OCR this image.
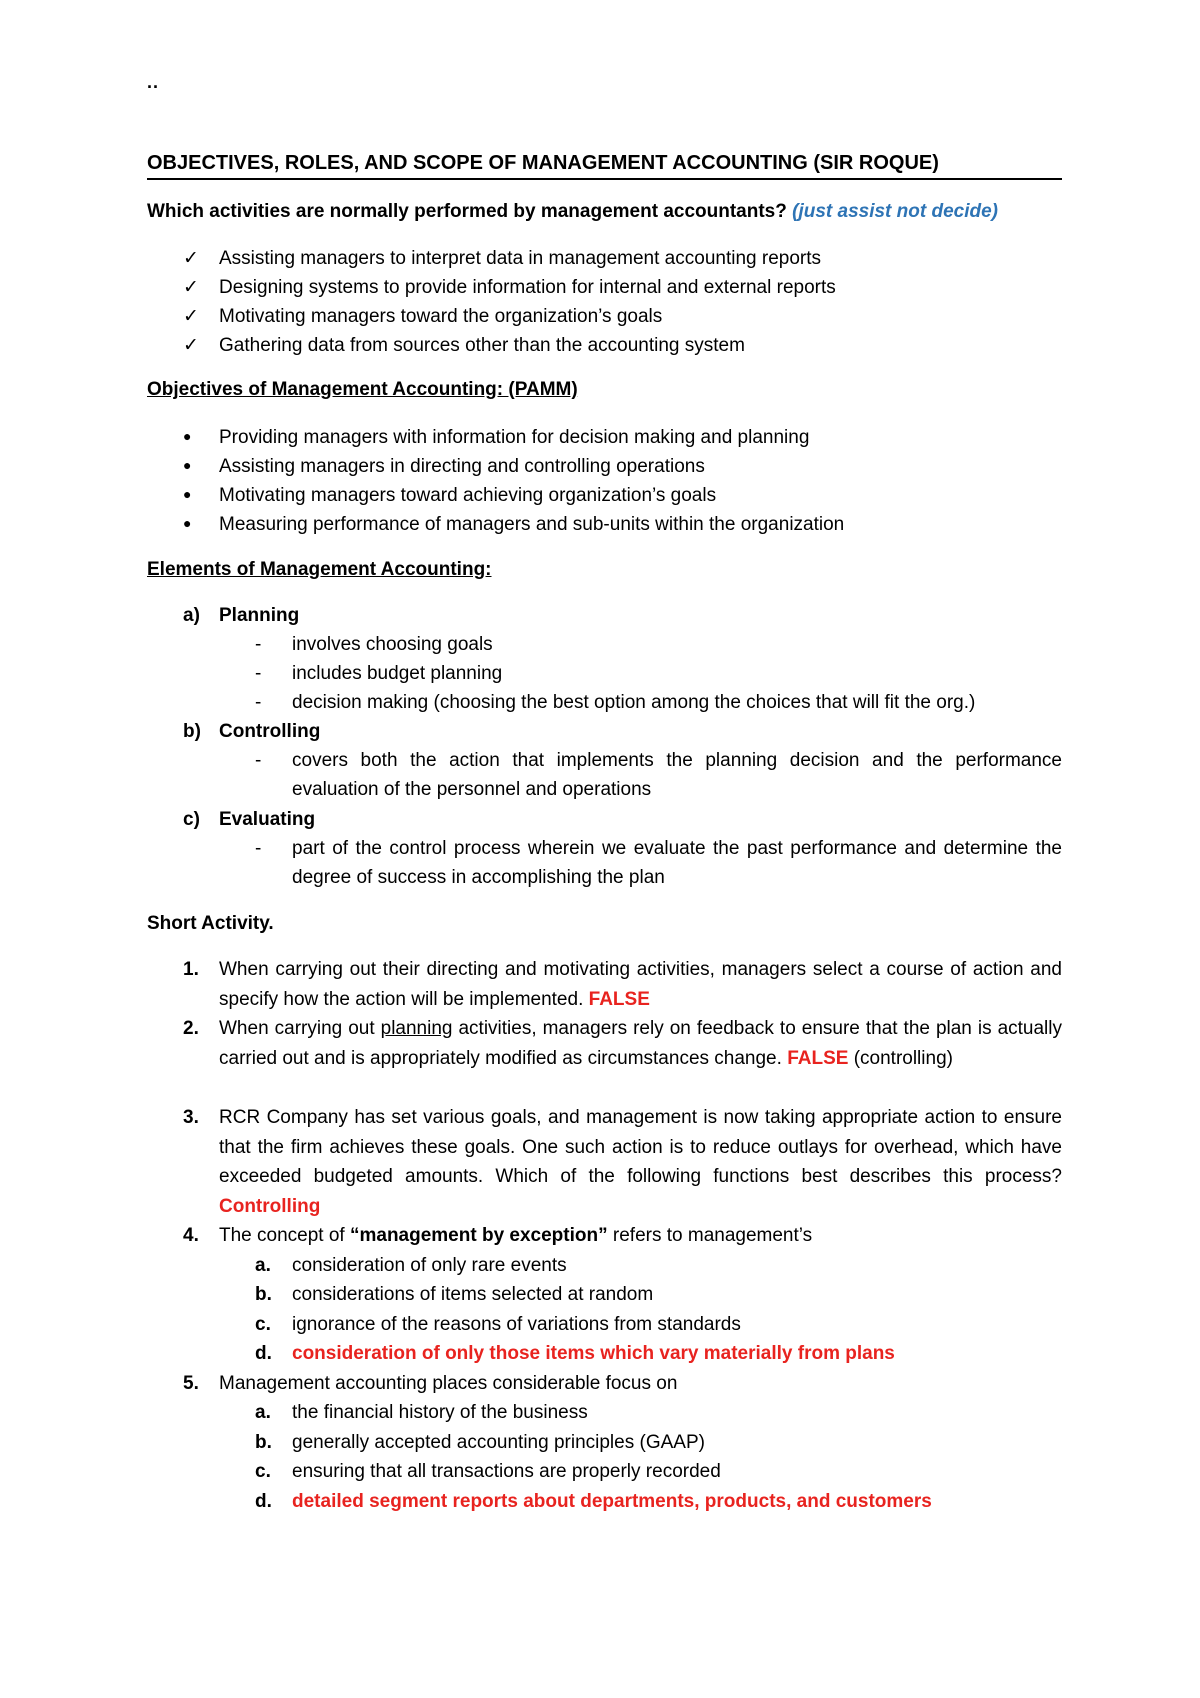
..
OBJECTIVES, ROLES, AND SCOPE OF MANAGEMENT ACCOUNTING (SIR ROQUE)
Which activities are normally performed by management accountants? (just assist not decide)
✓	Assisting managers to interpret data in management accounting reports
✓	Designing systems to provide information for internal and external reports
✓	Motivating managers toward the organization’s goals
✓	Gathering data from sources other than the accounting system
Objectives of Management Accounting: (PAMM)
● Providing managers with information for decision making and planning
● Assisting managers in directing and controlling operations
● Motivating managers toward achieving organization’s goals
● Measuring performance of managers and sub-units within the organization
Elements of Management Accounting:
a)	Planning
-	involves choosing goals
-	includes budget planning
-	decision making (choosing the best option among the choices that will fit the org.)
b) Controlling
-	covers both the action that implements the planning decision and the performance evaluation of the personnel and operations
c)	Evaluating
-	part of the control process wherein we evaluate the past performance and determine the degree of success in accomplishing the plan
Short Activity.
1.	When carrying out their directing and motivating activities, managers select a course of action and specify how the action will be implemented. FALSE
2.	When carrying out planning activities, managers rely on feedback to ensure that the plan is actually carried out and is appropriately modified as circumstances change. FALSE (controlling)
3.	RCR Company has set various goals, and management is now taking appropriate action to ensure that the firm achieves these goals. One such action is to reduce outlays for overhead, which have exceeded budgeted amounts. Which of the following functions best describes this process? Controlling
4.	The concept of “management by exception” refers to management’s
a.	consideration of only rare events
b.	considerations of items selected at random
c.	ignorance of the reasons of variations from standards
d.	consideration of only those items which vary materially from plans
5.	Management accounting places considerable focus on
a.	the financial history of the business
b.	generally accepted accounting principles (GAAP)
c.	ensuring that all transactions are properly recorded
d.	detailed segment reports about departments, products, and customers
